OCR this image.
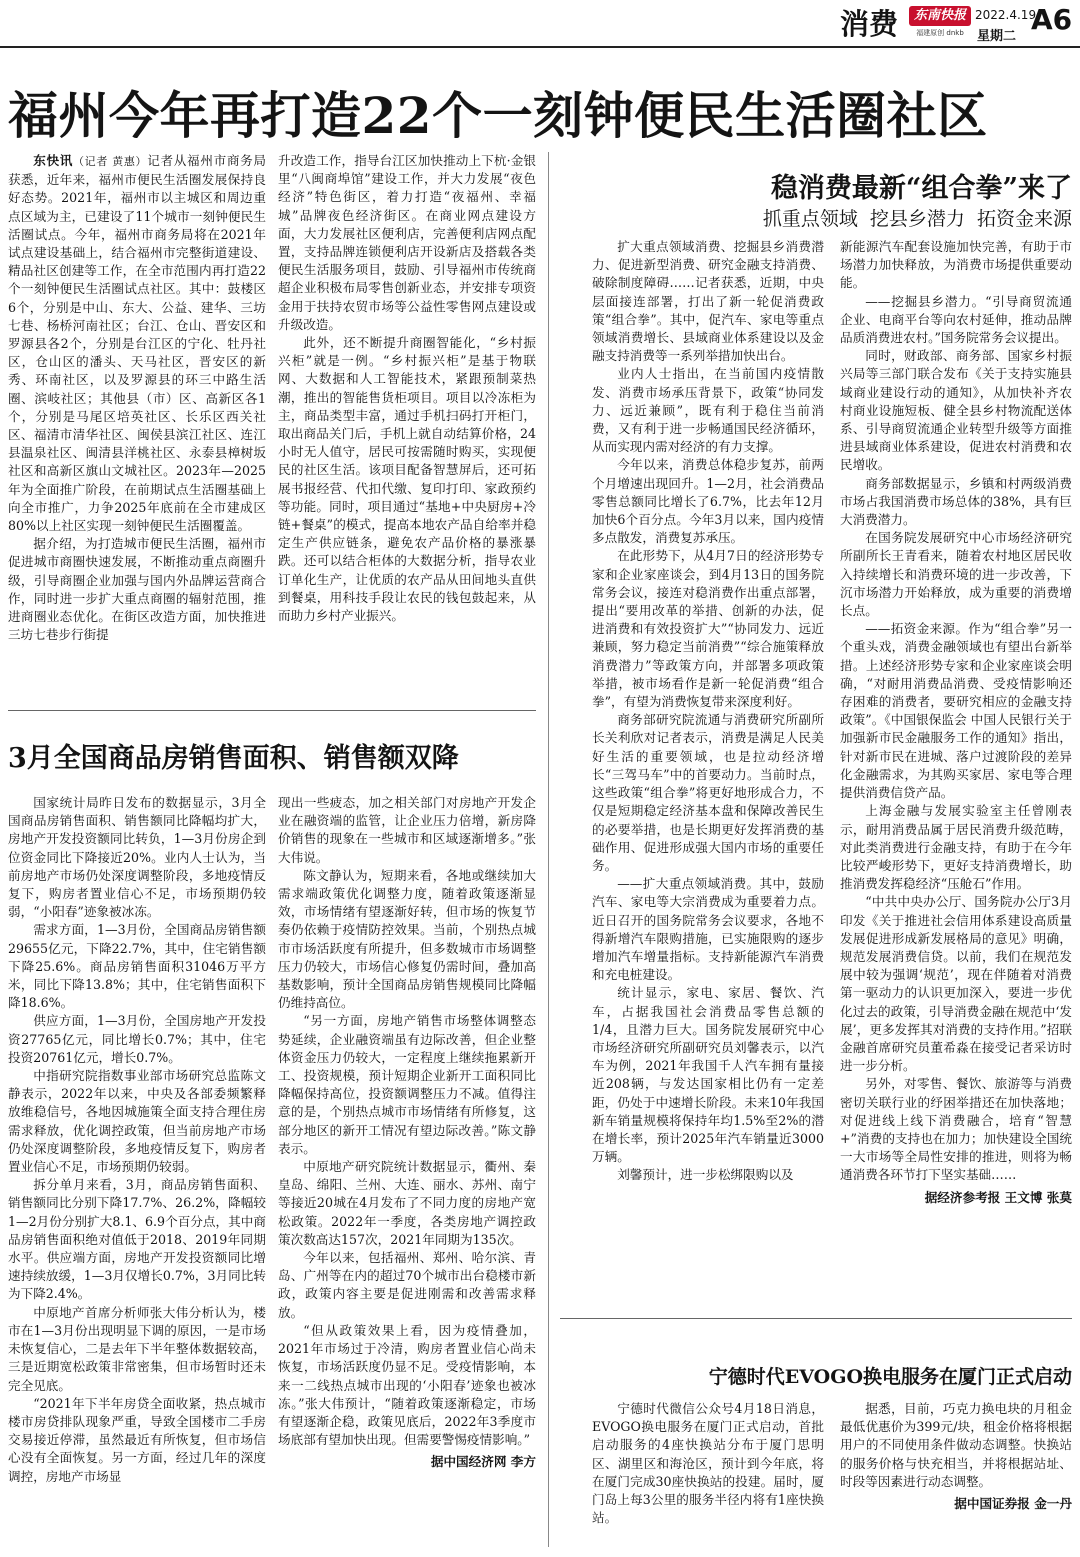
消费	东南快报
福建原创 dnkb
2022.4.19
星期二
A6
福州今年再打造22个一刻钟便民生活圈社区

东快讯（记者 黄惠）记者从福州市商务局获悉，近年来，福州市便民生活圈发展保持良好态势。2021年，福州市以主城区和周边重点区域为主，已建设了11个城市一刻钟便民生活圈试点。今年，福州市商务局将在2021年试点建设基础上，结合福州市完整街道建设、精品社区创建等工作，在全市范围内再打造22个一刻钟便民生活圈试点社区。其中：鼓楼区6个，分别是中山、东大、公益、建华、三坊七巷、杨桥河南社区；台江、仓山、晋安区和罗源县各2个，分别是台江区的宁化、牡丹社区，仓山区的潘头、天马社区，晋安区的新秀、环南社区，以及罗源县的环三中路生活圈、滨岐社区；其他县（市）区、高新区各1个，分别是马尾区培英社区、长乐区西关社区、福清市清华社区、闽侯县滨江社区、连江县温泉社区、闽清县洋桃社区、永泰县樟树坂社区和高新区旗山文城社区。2023年—2025年为全面推广阶段，在前期试点生活圈基础上向全市推广，力争2025年底前在全市建成区80%以上社区实现一刻钟便民生活圈覆盖。

据介绍，为打造城市便民生活圈，福州市促进城市商圈快速发展，不断推动重点商圈升级，引导商圈企业加强与国内外品牌运营商合作，同时进一步扩大重点商圈的辐射范围，推进商圈业态优化。在街区改造方面，加快推进三坊七巷步行街提

升改造工作，指导台江区加快推动上下杭·金银里“八闽商埠馆”建设工作，并大力发展“夜色经济”特色街区，着力打造“夜福州、幸福城”品牌夜色经济街区。在商业网点建设方面，大力发展社区便利店，完善便利店网点配置，支持品牌连锁便利店开设新店及搭载各类便民生活服务项目，鼓励、引导福州市传统商超企业积极布局零售创新业态，并安排专项资金用于扶持农贸市场等公益性零售网点建设或升级改造。

此外，还不断提升商圈智能化，“乡村振兴柜”就是一例。“乡村振兴柜”是基于物联网、大数据和人工智能技术，紧跟预制菜热潮，推出的智能售货柜项目。项目以冷冻柜为主，商品类型丰富，通过手机扫码打开柜门，取出商品关门后，手机上就自动结算价格，24小时无人值守，居民可按需随时购买，实现便民的社区生活。该项目配备智慧屏后，还可拓展书报经营、代扣代缴、复印打印、家政预约等功能。同时，项目通过“基地+中央厨房+冷链+餐桌”的模式，提高本地农产品自给率并稳定生产供应链条，避免农产品价格的暴涨暴跌。还可以结合柜体的大数据分析，指导农业订单化生产，让优质的农产品从田间地头直供到餐桌，用科技手段让农民的钱包鼓起来，从而助力乡村产业振兴。

3月全国商品房销售面积、销售额双降

国家统计局昨日发布的数据显示，3月全国商品房销售面积、销售额同比降幅均扩大，房地产开发投资额同比转负，1—3月份房企到位资金同比下降接近20%。业内人士认为，当前房地产市场仍处深度调整阶段，多地疫情反复下，购房者置业信心不足，市场预期仍较弱，“小阳春”迹象被冰冻。

需求方面，1—3月份，全国商品房销售额29655亿元，下降22.7%，其中，住宅销售额下降25.6%。商品房销售面积31046万平方米，同比下降13.8%；其中，住宅销售面积下降18.6%。

供应方面，1—3月份，全国房地产开发投资27765亿元，同比增长0.7%；其中，住宅投资20761亿元，增长0.7%。

中指研究院指数事业部市场研究总监陈文静表示，2022年以来，中央及各部委频繁释放维稳信号，各地因城施策全面支持合理住房需求释放，优化调控政策，但当前房地产市场仍处深度调整阶段，多地疫情反复下，购房者置业信心不足，市场预期仍较弱。

拆分单月来看，3月，商品房销售面积、销售额同比分别下降17.7%、26.2%，降幅较1—2月份分别扩大8.1、6.9个百分点，其中商品房销售面积绝对值低于2018、2019年同期水平。供应端方面，房地产开发投资额同比增速持续放缓，1—3月仅增长0.7%，3月同比转为下降2.4%。

中原地产首席分析师张大伟分析认为，楼市在1—3月份出现明显下调的原因，一是市场未恢复信心，二是去年下半年整体数据较高，三是近期宽松政策非常密集，但市场暂时还未完全见底。

“2021年下半年房贷全面收紧，热点城市楼市房贷排队现象严重，导致全国楼市二手房交易接近停滞，虽然最近有所恢复，但市场信心没有全面恢复。另一方面，经过几年的深度调控，房地产市场显

现出一些疲态，加之相关部门对房地产开发企业在融资端的监管，让企业压力倍增，新房降价销售的现象在一些城市和区域逐渐增多。”张大伟说。

陈文静认为，短期来看，各地或继续加大需求端政策优化调整力度，随着政策逐渐显效，市场情绪有望逐渐好转，但市场的恢复节奏仍依赖于疫情防控效果。当前，个别热点城市市场活跃度有所提升，但多数城市市场调整压力仍较大，市场信心修复仍需时间，叠加高基数影响，预计全国商品房销售规模同比降幅仍维持高位。

“另一方面，房地产销售市场整体调整态势延续，企业融资端虽有边际改善，但企业整体资金压力仍较大，一定程度上继续拖累新开工、投资规模，预计短期企业新开工面积同比降幅保持高位，投资额调整压力不减。值得注意的是，个别热点城市市场情绪有所修复，这部分地区的新开工情况有望边际改善。”陈文静表示。

中原地产研究院统计数据显示，衢州、秦皇岛、绵阳、兰州、大连、丽水、苏州、南宁等接近20城在4月发布了不同力度的房地产宽松政策。2022年一季度，各类房地产调控政策次数高达157次，2021年同期为135次。

今年以来，包括福州、郑州、哈尔滨、青岛、广州等在内的超过70个城市出台稳楼市新政，政策内容主要是促进刚需和改善需求释放。

“但从政策效果上看，因为疫情叠加，2021年市场过于冷清，购房者置业信心尚未恢复，市场活跃度仍显不足。受疫情影响，本来一二线热点城市出现的‘小阳春’迹象也被冰冻。”张大伟预计，“随着政策逐渐稳定，市场有望逐渐企稳，政策见底后，2022年3季度市场底部有望加快出现。但需要警惕疫情影响。”

据中国经济网 李方

稳消费最新“组合拳”来了
抓重点领域  挖县乡潜力  拓资金来源

扩大重点领域消费、挖掘县乡消费潜力、促进新型消费、研究金融支持消费、破除制度障碍……记者获悉，近期，中央层面接连部署，打出了新一轮促消费政策“组合拳”。其中，促汽车、家电等重点领域消费增长、县域商业体系建设以及金融支持消费等一系列举措加快出台。

业内人士指出，在当前国内疫情散发、消费市场承压背景下，政策“协同发力、远近兼顾”，既有利于稳住当前消费，又有利于进一步畅通国民经济循环，从而实现内需对经济的有力支撑。

今年以来，消费总体稳步复苏，前两个月增速出现回升。1—2月，社会消费品零售总额同比增长了6.7%，比去年12月加快6个百分点。今年3月以来，国内疫情多点散发，消费复苏承压。

在此形势下，从4月7日的经济形势专家和企业家座谈会，到4月13日的国务院常务会议，接连对稳消费作出重点部署，提出“要用改革的举措、创新的办法，促进消费和有效投资扩大”“协同发力、远近兼顾，努力稳定当前消费”“综合施策释放消费潜力”等政策方向，并部署多项政策举措，被市场看作是新一轮促消费“组合拳”，有望为消费恢复带来深度利好。

商务部研究院流通与消费研究所副所长关利欣对记者表示，消费是满足人民美好生活的重要领域，也是拉动经济增长“三驾马车”中的首要动力。当前时点，这些政策“组合拳”将更好地形成合力，不仅是短期稳定经济基本盘和保障改善民生的必要举措，也是长期更好发挥消费的基础作用、促进形成强大国内市场的重要任务。

——扩大重点领域消费。其中，鼓励汽车、家电等大宗消费成为重要着力点。近日召开的国务院常务会议要求，各地不得新增汽车限购措施，已实施限购的逐步增加汽车增量指标。支持新能源汽车消费和充电桩建设。

统计显示，家电、家居、餐饮、汽车，占据我国社会消费品零售总额的1/4，且潜力巨大。国务院发展研究中心市场经济研究所副研究员刘馨表示，以汽车为例，2021年我国千人汽车拥有量接近208辆，与发达国家相比仍有一定差距，仍处于中速增长阶段。未来10年我国新车销量规模将保持年均1.5%至2%的潜在增长率，预计2025年汽车销量近3000万辆。

刘馨预计，进一步松绑限购以及

新能源汽车配套设施加快完善，有助于市场潜力加快释放，为消费市场提供重要动能。

——挖掘县乡潜力。“引导商贸流通企业、电商平台等向农村延伸，推动品牌品质消费进农村。”国务院常务会议提出。

同时，财政部、商务部、国家乡村振兴局等三部门联合发布《关于支持实施县域商业建设行动的通知》，从加快补齐农村商业设施短板、健全县乡村物流配送体系、引导商贸流通企业转型升级等方面推进县域商业体系建设，促进农村消费和农民增收。

商务部数据显示，乡镇和村两级消费市场占我国消费市场总体的38%，具有巨大消费潜力。

在国务院发展研究中心市场经济研究所副所长王青看来，随着农村地区居民收入持续增长和消费环境的进一步改善，下沉市场潜力开始释放，成为重要的消费增长点。

——拓资金来源。作为“组合拳”另一个重头戏，消费金融领域也有望出台新举措。上述经济形势专家和企业家座谈会明确，“对耐用消费品消费、受疫情影响还存困难的消费者，要研究相应的金融支持政策”。《中国银保监会 中国人民银行关于加强新市民金融服务工作的通知》指出，针对新市民在进城、落户过渡阶段的差异化金融需求，为其购买家居、家电等合理提供消费信贷产品。

上海金融与发展实验室主任曾刚表示，耐用消费品属于居民消费升级范畴，对此类消费进行金融支持，有助于在今年比较严峻形势下，更好支持消费增长，助推消费发挥稳经济“压舱石”作用。

“中共中央办公厅、国务院办公厅3月印发《关于推进社会信用体系建设高质量发展促进形成新发展格局的意见》明确，规范发展消费信贷。以前，我们在规范发展中较为强调‘规范’，现在伴随着对消费第一驱动力的认识更加深入，要进一步优化过去的政策，引导消费金融在规范中‘发展’，更多发挥其对消费的支持作用。”招联金融首席研究员董希淼在接受记者采访时进一步分析。

另外，对零售、餐饮、旅游等与消费密切关联行业的纾困举措还在加快落地；对促进线上线下消费融合，培育“智慧+”消费的支持也在加力；加快建设全国统一大市场等全局性安排的推进，则将为畅通消费各环节打下坚实基础……

据经济参考报 王文博 张莫

宁德时代EVOGO换电服务在厦门正式启动

宁德时代微信公众号4月18日消息，EVOGO换电服务在厦门正式启动，首批启动服务的4座快换站分布于厦门思明区、湖里区和海沧区，预计到今年底，将在厦门完成30座快换站的投建。届时，厦门岛上每3公里的服务半径内将有1座快换站。

据悉，目前，巧克力换电块的月租金最低优惠价为399元/块，租金价格将根据用户的不同使用条件做动态调整。快换站的服务价格与快充相当，并将根据站址、时段等因素进行动态调整。

据中国证券报 金一丹
